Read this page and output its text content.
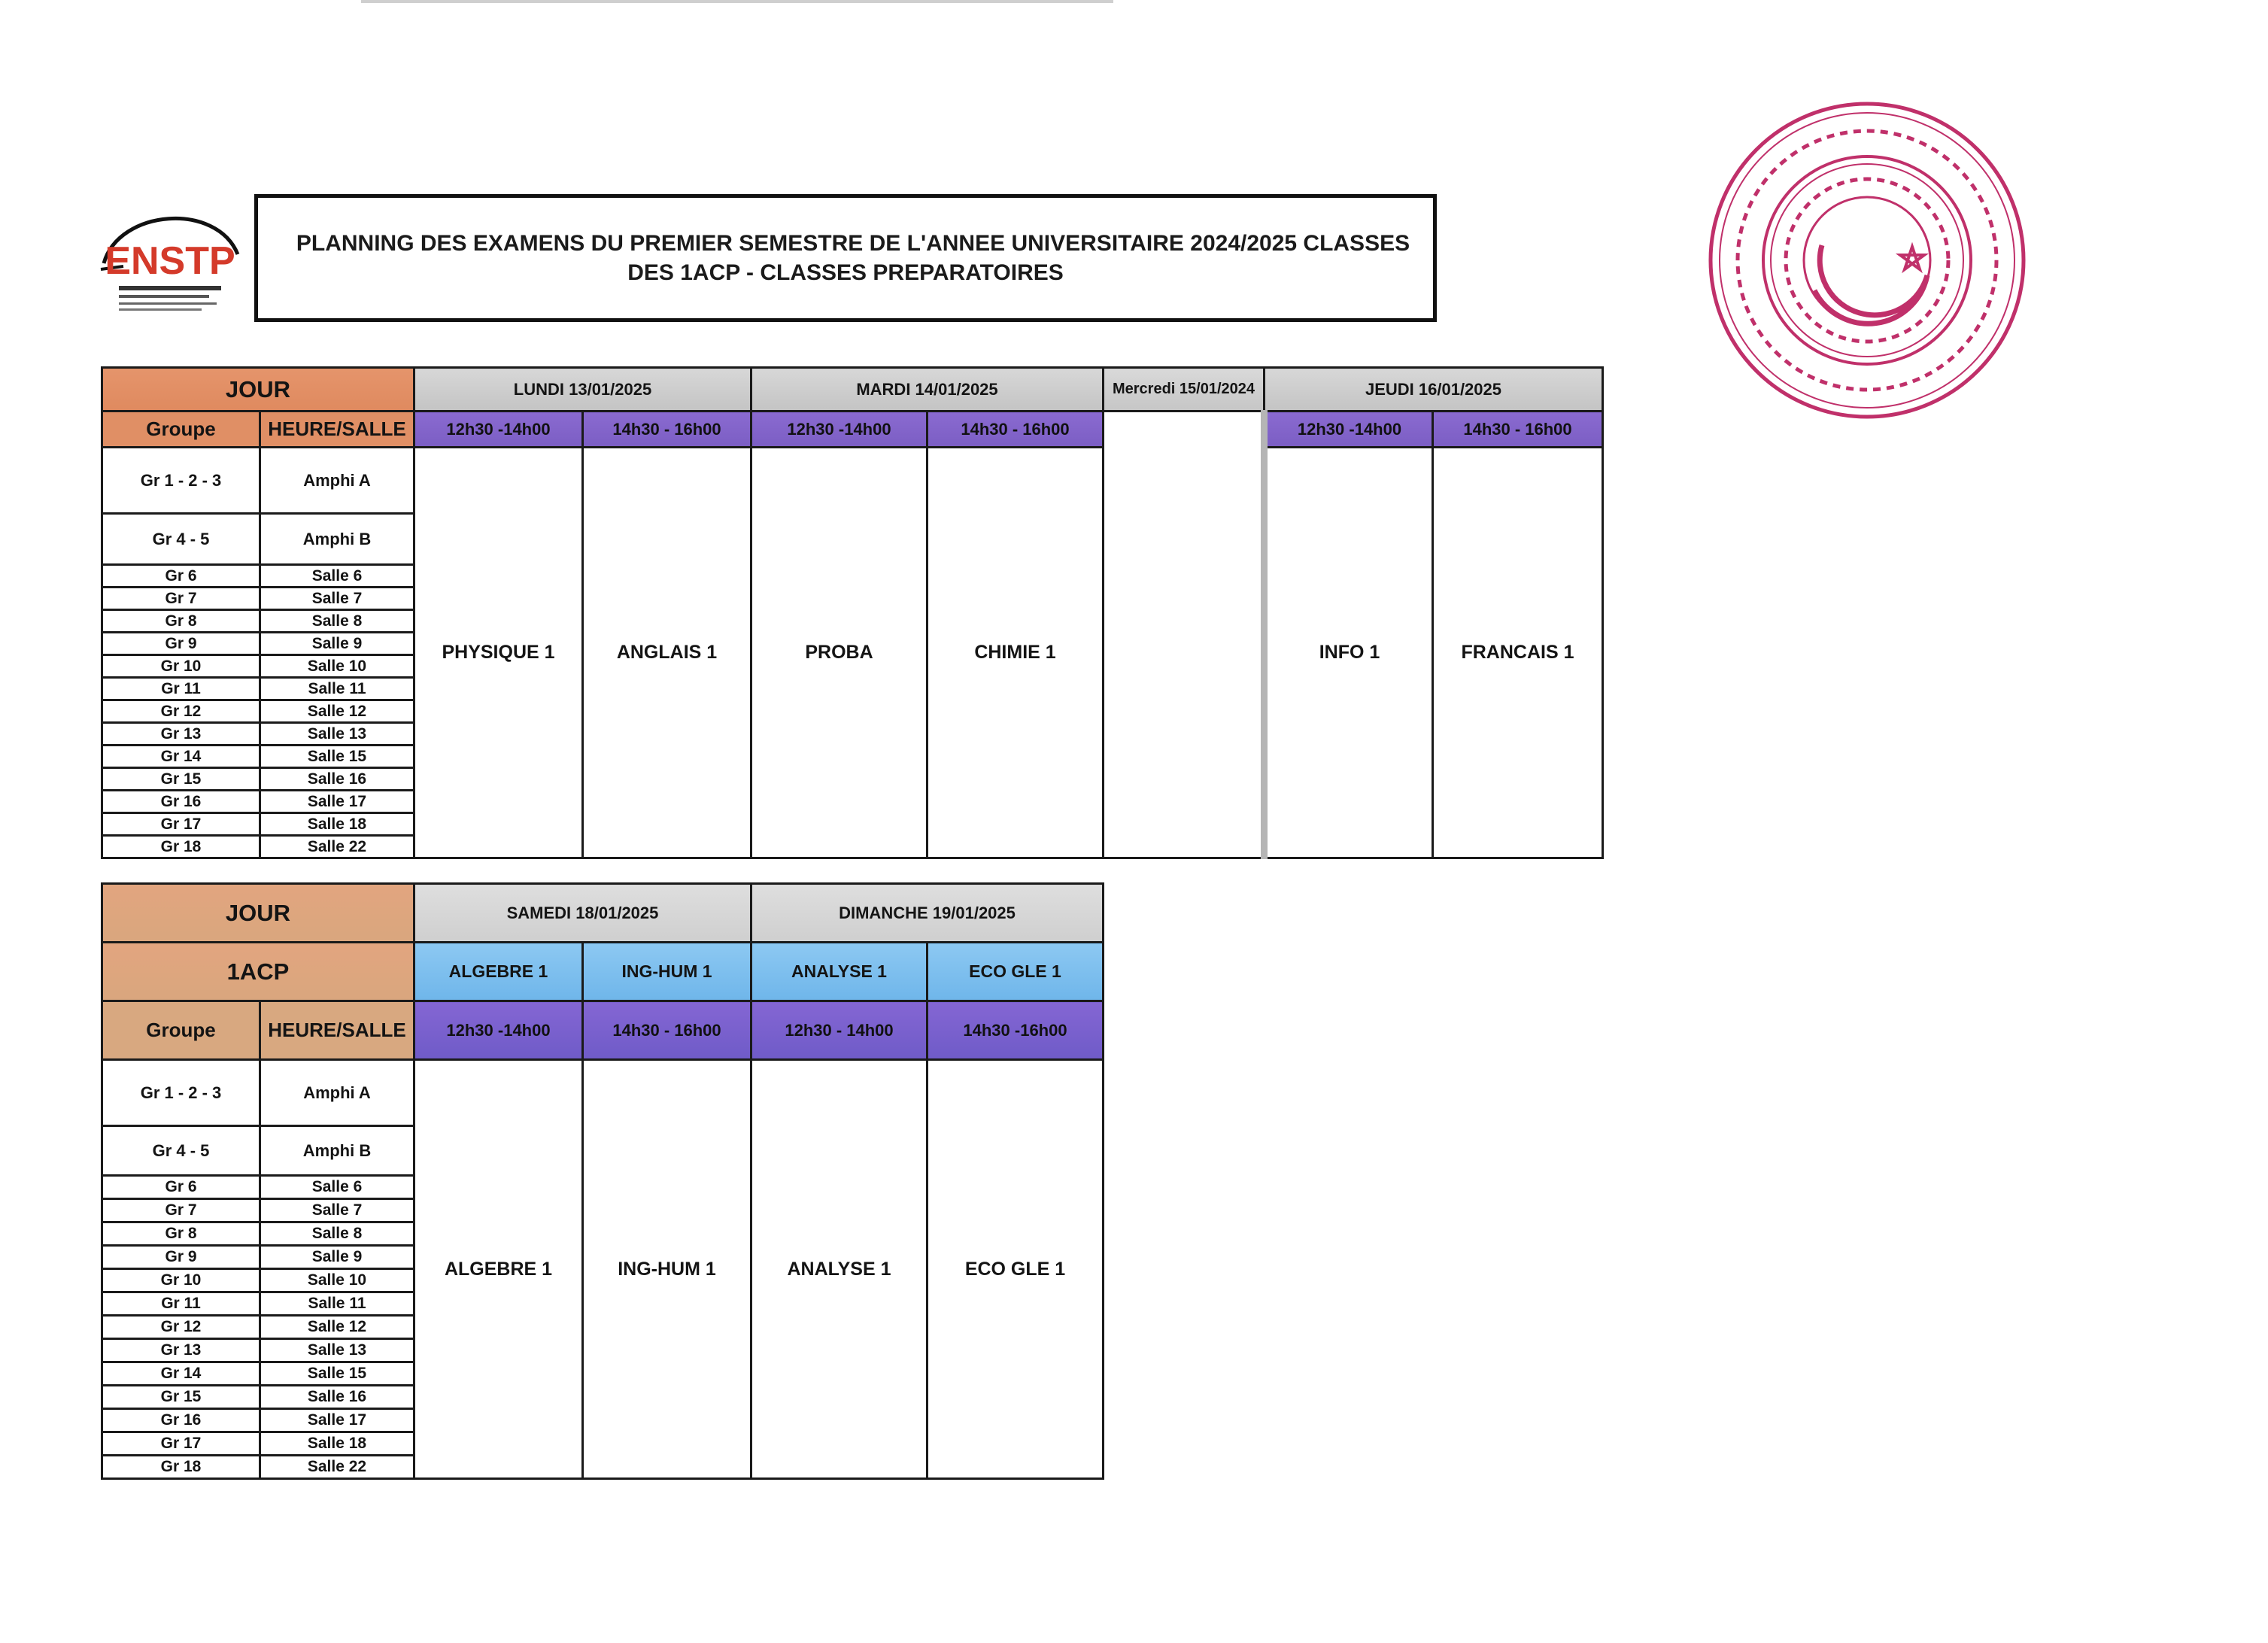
ENSTP	PLANNING DES EXAMENS DU PREMIER SEMESTRE DE L'ANNEE UNIVERSITAIRE 2024/2025 CLASSES
DES 1ACP - CLASSES PREPARATOIRES
JOUR		LUNDI 13/01/2025		MARDI 14/01/2025		Mercredi 15/01/2024	JEUDI 16/01/2025	
Groupe	HEURE/SALLE	12h30 -14h00	14h30 - 16h00	12h30 -14h00	14h30 - 16h00		12h30 -14h00	14h30 - 16h00
Gr 1 - 2 - 3	Amphi A	PHYSIQUE 1	ANGLAIS 1	PROBA	CHIMIE 1		INFO 1	FRANCAIS 1
Gr 4 - 5	Amphi B							
Gr 6	Salle 6							
Gr 7	Salle 7							
Gr 8	Salle 8							
Gr 9	Salle 9							
Gr 10	Salle 10							
Gr 11	Salle 11							
Gr 12	Salle 12							
Gr 13	Salle 13							
Gr 14	Salle 15							
Gr 15	Salle 16							
Gr 16	Salle 17							
Gr 17	Salle 18							
Gr 18	Salle 22							
JOUR		SAMEDI 18/01/2025		DIMANCHE 19/01/2025	
1ACP		ALGEBRE 1	ING-HUM 1	ANALYSE 1	ECO GLE 1
Groupe	HEURE/SALLE	12h30 -14h00	14h30 - 16h00	12h30 - 14h00	14h30 -16h00
Gr 1 - 2 - 3	Amphi A	ALGEBRE 1	ING-HUM 1	ANALYSE 1	ECO GLE 1
Gr 4 - 5	Amphi B				
Gr 6	Salle 6				
Gr 7	Salle 7				
Gr 8	Salle 8				
Gr 9	Salle 9				
Gr 10	Salle 10				
Gr 11	Salle 11				
Gr 12	Salle 12				
Gr 13	Salle 13				
Gr 14	Salle 15				
Gr 15	Salle 16				
Gr 16	Salle 17				
Gr 17	Salle 18				
Gr 18	Salle 22				
